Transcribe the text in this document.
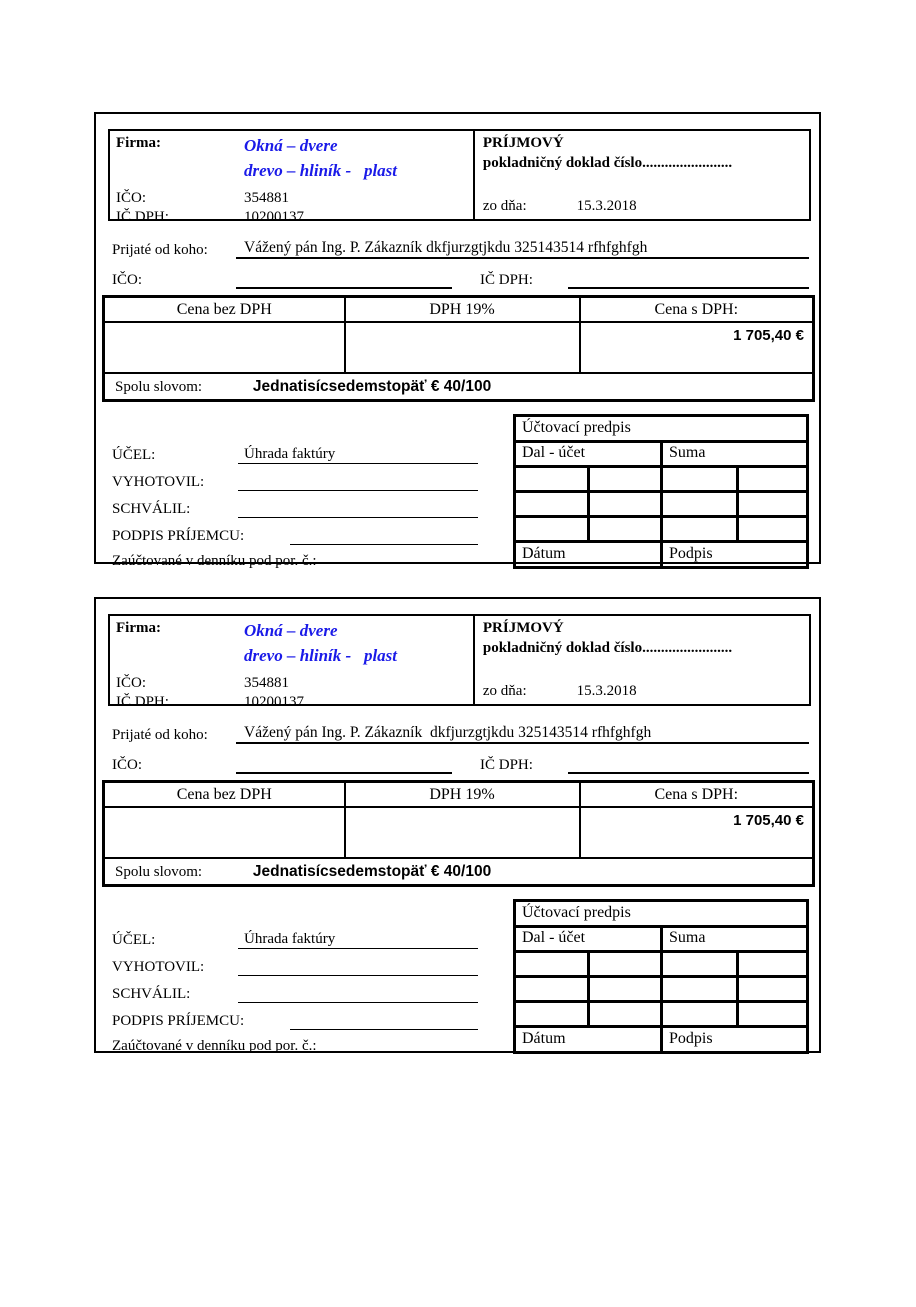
Firma:	Okná – dvere
drevo – hliník -   plast
IČO:	354881
IČ DPH:	10200137
PRÍJMOVÝ
pokladničný doklad číslo........................
zo dňa:	15.3.2018
Prijaté od koho:	Vážený pán Ing. P. Zákazník dkfjurzgtjkdu 325143514 rfhfghfgh
IČO:	IČ DPH:
Cena bez DPH	DPH 19%	Cena s DPH:
		1 705,40 €
Spolu slovom: Jednatisícsedemstopäť € 40/100		
ÚČEL:	Úhrada faktúry
VYHOTOVIL:
SCHVÁLIL:
PODPIS PRÍJEMCU:
Zaúčtované v denníku pod por. č.:
Účtovací predpis			
Dal - účet		Suma	

Dátum		Podpis	
Firma:	Okná – dvere
drevo – hliník -   plast
IČO:	354881
IČ DPH:	10200137
PRÍJMOVÝ
pokladničný doklad číslo........................
zo dňa:	15.3.2018
Prijaté od koho:	Vážený pán Ing. P. Zákazník  dkfjurzgtjkdu 325143514 rfhfghfgh
IČO:	IČ DPH:
Cena bez DPH	DPH 19%	Cena s DPH:
		1 705,40 €
Spolu slovom: Jednatisícsedemstopäť € 40/100		
ÚČEL:	Úhrada faktúry
VYHOTOVIL:
SCHVÁLIL:
PODPIS PRÍJEMCU:
Zaúčtované v denníku pod por. č.:
Účtovací predpis			
Dal - účet		Suma	

Dátum		Podpis	
